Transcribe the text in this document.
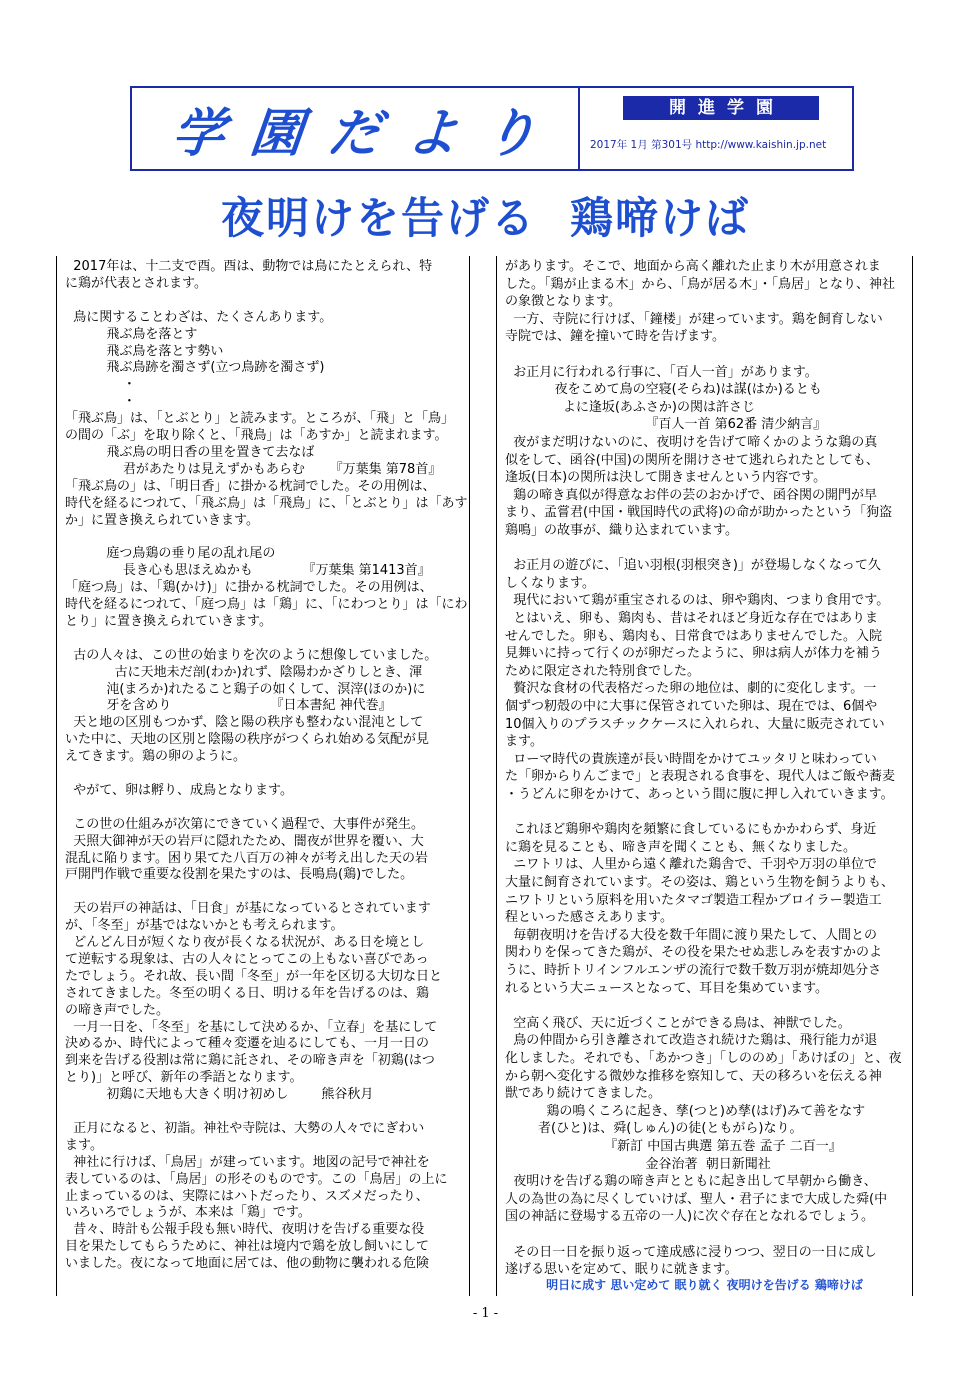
学園だより	開進学園
2017年 1月 第301号 http://www.kaishin.jp.net
夜明けを告げる  鶏啼けば
2017年は、十二支で酉。酉は、動物では鳥にたとえられ、特
に鶏が代表とされます。
鳥に関することわざは、たくさんあります。
飛ぶ鳥を落とす
飛ぶ鳥を落とす勢い
飛ぶ鳥跡を濁さず(立つ鳥跡を濁さず)
・
・
「飛ぶ鳥」は、「とぶとり」と読みます。ところが、「飛」と「鳥」
の間の「ぶ」を取り除くと、「飛鳥」は「あすか」と読まれます。
飛ぶ鳥の明日香の里を置きて去なば
君があたりは見えずかもあらむ      『万葉集 第78首』
「飛ぶ鳥の」は、「明日香」に掛かる枕詞でした。その用例は、
時代を経るにつれて、「飛ぶ鳥」は「飛鳥」に、「とぶとり」は「あす
か」に置き換えられていきます。
庭つ鳥鶏の垂り尾の乱れ尾の
長き心も思ほえぬかも            『万葉集 第1413首』
「庭つ鳥」は、「鶏(かけ)」に掛かる枕詞でした。その用例は、
時代を経るにつれて、「庭つ鳥」は「鶏」に、「にわつとり」は「にわ
とり」に置き換えられていきます。
古の人々は、この世の始まりを次のように想像していました。
古に天地未だ剖(わか)れず、陰陽わかざりしとき、渾
沌(まろか)れたること鶏子の如くして、溟滓(ほのか)に
牙を含めり                        『日本書紀 神代巻』
天と地の区別もつかず、陰と陽の秩序も整わない混沌として
いた中に、天地の区別と陰陽の秩序がつくられ始める気配が見
えてきます。鶏の卵のように。
やがて、卵は孵り、成鳥となります。
この世の仕組みが次第にできていく過程で、大事件が発生。
天照大御神が天の岩戸に隠れたため、闇夜が世界を覆い、大
混乱に陥ります。困り果てた八百万の神々が考え出した天の岩
戸開門作戦で重要な役割を果たすのは、長鳴鳥(鶏)でした。
天の岩戸の神話は、「日食」が基になっているとされています
が、「冬至」が基ではないかとも考えられます。
どんどん日が短くなり夜が長くなる状況が、ある日を境とし
て逆転する現象は、古の人々にとってこの上もない喜びであっ
たでしょう。それ故、長い間「冬至」が一年を区切る大切な日と
されてきました。冬至の明くる日、明ける年を告げるのは、鶏
の啼き声でした。
一月一日を、「冬至」を基にして決めるか、「立春」を基にして
決めるか、時代によって種々変遷を辿るにしても、一月一日の
到来を告げる役割は常に鶏に託され、その啼き声を「初鶏(はつ
とり)」と呼び、新年の季語となります。
初鶏に天地も大きく明け初めし        熊谷秋月
正月になると、初詣。神社や寺院は、大勢の人々でにぎわい
ます。
神社に行けば、「鳥居」が建っています。地図の記号で神社を
表しているのは、「鳥居」の形そのものです。この「鳥居」の上に
止まっているのは、実際にはハトだったり、スズメだったり、
いろいろでしょうが、本来は「鶏」です。
昔々、時計も公報手段も無い時代、夜明けを告げる重要な役
目を果たしてもらうために、神社は境内で鶏を放し飼いにして
いました。夜になって地面に居ては、他の動物に襲われる危険
があります。そこで、地面から高く離れた止まり木が用意されま
した。「鶏が止まる木」から、「鳥が居る木」・「鳥居」となり、神社
の象徴となります。
一方、寺院に行けば、「鐘楼」が建っています。鶏を飼育しない
寺院では、鐘を撞いて時を告げます。
お正月に行われる行事に、「百人一首」があります。
夜をこめて鳥の空寝(そらね)は謀(はか)るとも
よに逢坂(あふさか)の関は許さじ
『百人一首 第62番 清少納言』
夜がまだ明けないのに、夜明けを告げて啼くかのような鶏の真
似をして、函谷(中国)の関所を開けさせて逃れられたとしても、
逢坂(日本)の関所は決して開きませんという内容です。
鶏の啼き真似が得意なお伴の芸のおかげで、函谷関の開門が早
まり、孟嘗君(中国・戦国時代の武将)の命が助かったという「狗盗
鶏鳴」の故事が、織り込まれています。
お正月の遊びに、「追い羽根(羽根突き)」が登場しなくなって久
しくなります。
現代において鶏が重宝されるのは、卵や鶏肉、つまり食用です。
とはいえ、卵も、鶏肉も、昔はそれほど身近な存在ではありま
せんでした。卵も、鶏肉も、日常食ではありませんでした。入院
見舞いに持って行くのが卵だったように、卵は病人が体力を補う
ために限定された特別食でした。
贅沢な食材の代表格だった卵の地位は、劇的に変化します。一
個ずつ籾殻の中に大事に保管されていた卵は、現在では、6個や
10個入りのプラスチックケースに入れられ、大量に販売されてい
ます。
ローマ時代の貴族達が長い時間をかけてユッタリと味わってい
た「卵からりんごまで」と表現される食事を、現代人はご飯や蕎麦
・うどんに卵をかけて、あっという間に腹に押し入れていきます。
これほど鶏卵や鶏肉を頻繁に食しているにもかかわらず、身近
に鶏を見ることも、啼き声を聞くことも、無くなりました。
ニワトリは、人里から遠く離れた鶏舎で、千羽や万羽の単位で
大量に飼育されています。その姿は、鶏という生物を飼うよりも、
ニワトリという原料を用いたタマゴ製造工程かブロイラー製造工
程といった感さえあります。
毎朝夜明けを告げる大役を数千年間に渡り果たして、人間との
関わりを保ってきた鶏が、その役を果たせぬ悲しみを表すかのよ
うに、時折トリインフルエンザの流行で数千数万羽が焼却処分さ
れるという大ニュースとなって、耳目を集めています。
空高く飛び、天に近づくことができる鳥は、神獣でした。
鳥の仲間から引き離されて改造され続けた鶏は、飛行能力が退
化しました。それでも、「あかつき」「しののめ」「あけぼの」と、夜
から朝へ変化する微妙な推移を察知して、天の移ろいを伝える神
獣であり続けてきました。
鶏の鳴くころに起き、孳(つと)め孳(はげ)みて善をなす
者(ひと)は、舜(しゅん)の徒(ともがら)なり。
『新訂 中国古典選 第五巻 孟子 二百一』
金谷治著  朝日新聞社
夜明けを告げる鶏の啼き声とともに起き出して早朝から働き、
人の為世の為に尽くしていけば、聖人・君子にまで大成した舜(中
国の神話に登場する五帝の一人)に次ぐ存在となれるでしょう。
その日一日を振り返って達成感に浸りつつ、翌日の一日に成し
遂げる思いを定めて、眠りに就きます。
明日に成す 思い定めて 眠り就く 夜明けを告げる 鶏啼けば
- 1 -
